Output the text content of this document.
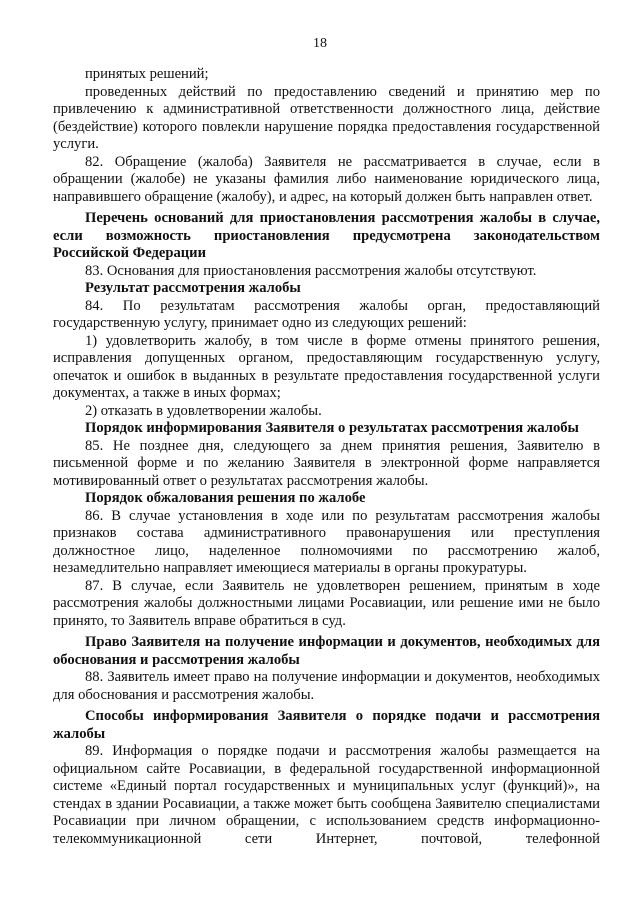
18

принятых решений;

проведенных действий по предоставлению сведений и принятию мер по привлечению к административной ответственности должностного лица, действие (бездействие) которого повлекли нарушение порядка предоставления государственной услуги.

82. Обращение (жалоба) Заявителя не рассматривается в случае, если в обращении (жалобе) не указаны фамилия либо наименование юридического лица, направившего обращение (жалобу), и адрес, на который должен быть направлен ответ.

Перечень оснований для приостановления рассмотрения жалобы в случае, если возможность приостановления предусмотрена законодательством Российской Федерации

83. Основания для приостановления рассмотрения жалобы отсутствуют.

Результат рассмотрения жалобы

84. По результатам рассмотрения жалобы орган, предоставляющий государственную услугу, принимает одно из следующих решений:

1) удовлетворить жалобу, в том числе в форме отмены принятого решения, исправления допущенных органом, предоставляющим государственную услугу, опечаток и ошибок в выданных в результате предоставления государственной услуги документах, а также в иных формах;

2) отказать в удовлетворении жалобы.

Порядок информирования Заявителя о результатах рассмотрения жалобы

85. Не позднее дня, следующего за днем принятия решения, Заявителю в письменной форме и по желанию Заявителя в электронной форме направляется мотивированный ответ о результатах рассмотрения жалобы.

Порядок обжалования решения по жалобе

86. В случае установления в ходе или по результатам рассмотрения жалобы признаков состава административного правонарушения или преступления должностное лицо, наделенное полномочиями по рассмотрению жалоб, незамедлительно направляет имеющиеся материалы в органы прокуратуры.

87. В случае, если Заявитель не удовлетворен решением, принятым в ходе рассмотрения жалобы должностными лицами Росавиации, или решение ими не было принято, то Заявитель вправе обратиться в суд.

Право Заявителя на получение информации и документов, необходимых для обоснования и рассмотрения жалобы

88. Заявитель имеет право на получение информации и документов, необходимых для обоснования и рассмотрения жалобы.

Способы информирования Заявителя о порядке подачи и рассмотрения жалобы

89. Информация о порядке подачи и рассмотрения жалобы размещается на официальном сайте Росавиации, в федеральной государственной информационной системе «Единый портал государственных и муниципальных услуг (функций)», на стендах в здании Росавиации, а также может быть сообщена Заявителю специалистами Росавиации при личном обращении, с использованием средств информационно-телекоммуникационной сети Интернет, почтовой, телефонной
